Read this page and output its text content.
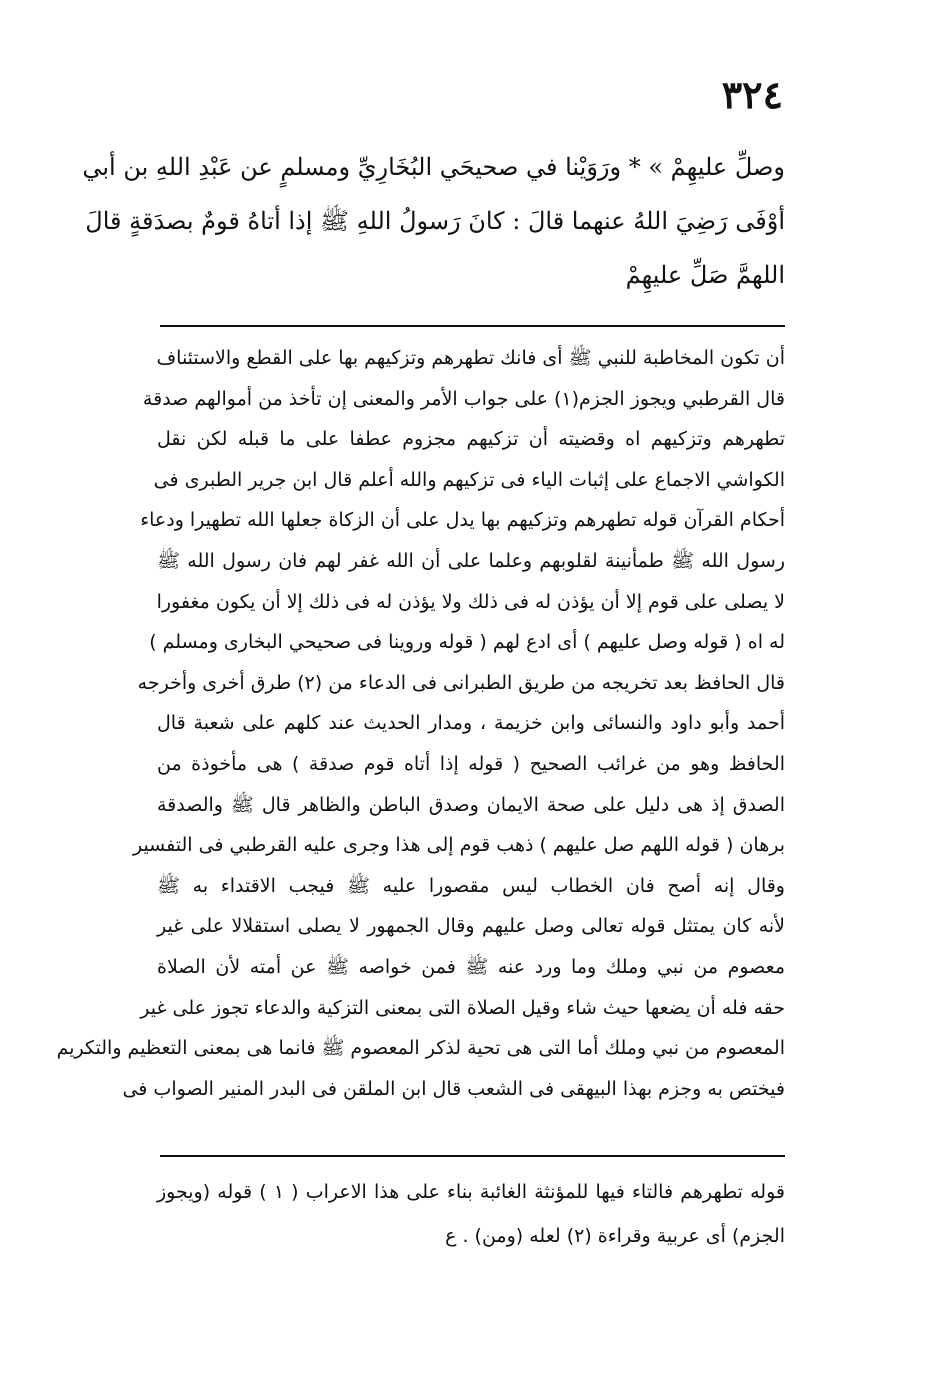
٣٢٤
وصلِّ عليهِمْ » * ورَوَيْنا في صحيحَي البُخَارِيِّ ومسلمٍ عن عَبْدِ اللهِ بن أبي
أوْفَى رَضِيَ اللهُ عنهما قالَ : كانَ رَسولُ اللهِ ﷺ إذا أتاهُ قومٌ بصدَقةٍ قالَ
اللهمَّ صَلِّ عليهِمْ
أن تكون المخاطبة للنبي ﷺ أى فانك تطهرهم وتزكيهم بها على القطع والاستئناف
قال القرطبي ويجوز الجزم(١) على جواب الأمر والمعنى إن تأخذ من أموالهم صدقة
تطهرهم وتزكيهم اه وقضيته أن تزكيهم مجزوم عطفا على ما قبله لكن نقل
الكواشي الاجماع على إثبات الياء فى تزكيهم والله أعلم قال ابن جرير الطبرى فى
أحكام القرآن قوله تطهرهم وتزكيهم بها يدل على أن الزكاة جعلها الله تطهيرا ودعاء
رسول الله ﷺ طمأنينة لقلوبهم وعلما على أن الله غفر لهم فان رسول الله ﷺ
لا يصلى على قوم إلا أن يؤذن له فى ذلك ولا يؤذن له فى ذلك إلا أن يكون مغفورا
له اه ( قوله وصل عليهم ) أى ادع لهم ( قوله وروينا فى صحيحي البخارى ومسلم )
قال الحافظ بعد تخريجه من طريق الطبرانى فى الدعاء من (٢) طرق أخرى وأخرجه
أحمد وأبو داود والنسائى وابن خزيمة ، ومدار الحديث عند كلهم على شعبة قال
الحافظ وهو من غرائب الصحيح ( قوله إذا أتاه قوم صدقة ) هى مأخوذة من
الصدق إذ هى دليل على صحة الايمان وصدق الباطن والظاهر قال ﷺ والصدقة
برهان ( قوله اللهم صل عليهم ) ذهب قوم إلى هذا وجرى عليه القرطبي فى التفسير
وقال إنه أصح فان الخطاب ليس مقصورا عليه ﷺ فيجب الاقتداء به ﷺ
لأنه كان يمتثل قوله تعالى وصل عليهم وقال الجمهور لا يصلى استقلالا على غير
معصوم من نبي وملك وما ورد عنه ﷺ فمن خواصه ﷺ عن أمته لأن الصلاة
حقه فله أن يضعها حيث شاء وقيل الصلاة التى بمعنى التزكية والدعاء تجوز على غير
المعصوم من نبي وملك أما التى هى تحية لذكر المعصوم ﷺ فانما هى بمعنى التعظيم والتكريم
فيختص به وجزم بهذا البيهقى فى الشعب قال ابن الملقن فى البدر المنير الصواب فى
قوله تطهرهم فالتاء فيها للمؤنثة الغائبة بناء على هذا الاعراب ( ١ ) قوله (ويجوز
الجزم) أى عربية وقراءة (٢) لعله (ومن) . ع
